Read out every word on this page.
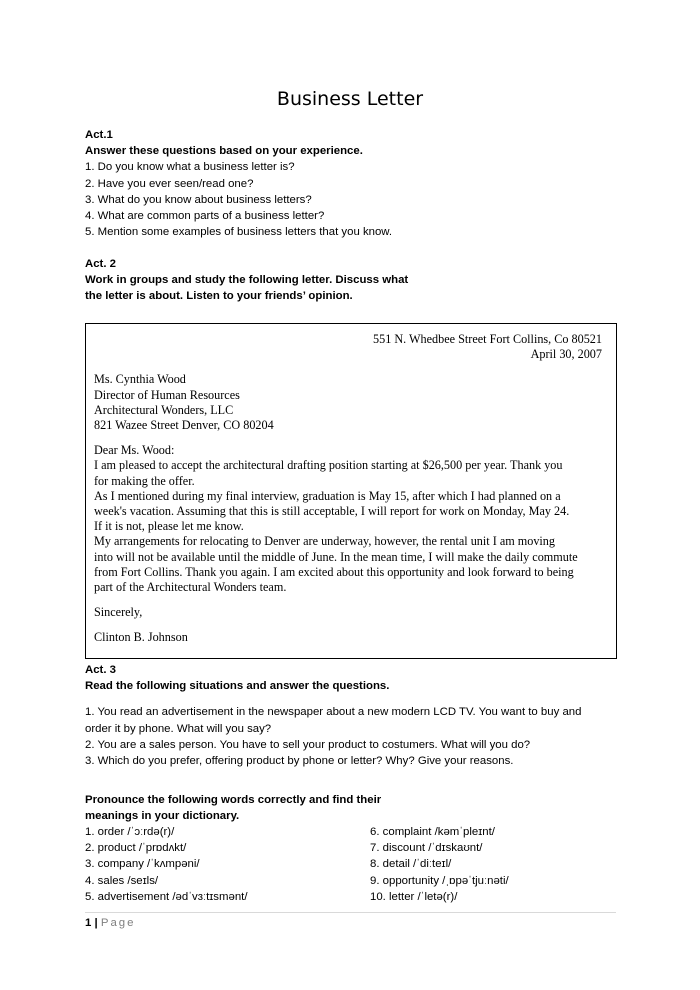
Business Letter
Act.1
Answer these questions based on your experience.
1. Do you know what a business letter is?
2. Have you ever seen/read one?
3. What do you know about business letters?
4. What are common parts of a business letter?
5. Mention some examples of business letters that you know.
Act. 2
Work in groups and study the following letter. Discuss what
the letter is about. Listen to your friends’ opinion.
551 N. Whedbee Street Fort Collins, Co 80521
April 30, 2007
Ms. Cynthia Wood
Director of Human Resources
Architectural Wonders, LLC
821 Wazee Street Denver, CO 80204
Dear Ms. Wood:
I am pleased to accept the architectural drafting position starting at $26,500 per year. Thank you
for making the offer.
As I mentioned during my final interview, graduation is May 15, after which I had planned on a
week's vacation. Assuming that this is still acceptable, I will report for work on Monday, May 24.
If it is not, please let me know.
My arrangements for relocating to Denver are underway, however, the rental unit I am moving
into will not be available until the middle of June. In the mean time, I will make the daily commute
from Fort Collins. Thank you again. I am excited about this opportunity and look forward to being
part of the Architectural Wonders team.
Sincerely,
Clinton B. Johnson
Act. 3
Read the following situations and answer the questions.
1. You read an advertisement in the newspaper about a new modern LCD TV. You want to buy and
order it by phone. What will you say?
2. You are a sales person. You have to sell your product to costumers. What will you do?
3. Which do you prefer, offering product by phone or letter? Why? Give your reasons.
Pronounce the following words correctly and find their
meanings in your dictionary.
1. order /ˈɔːrdə(r)/
2. product /ˈprɒdʌkt/
3. company /ˈkʌmpəni/
4. sales /seɪls/
5. advertisement /ədˈvɜːtɪsmənt/
6. complaint /kəmˈpleɪnt/
7. discount /ˈdɪskaʊnt/
8. detail /ˈdiːteɪl/
9. opportunity /ˌɒpəˈtjuːnəti/
10. letter /ˈletə(r)/
1 | Page
